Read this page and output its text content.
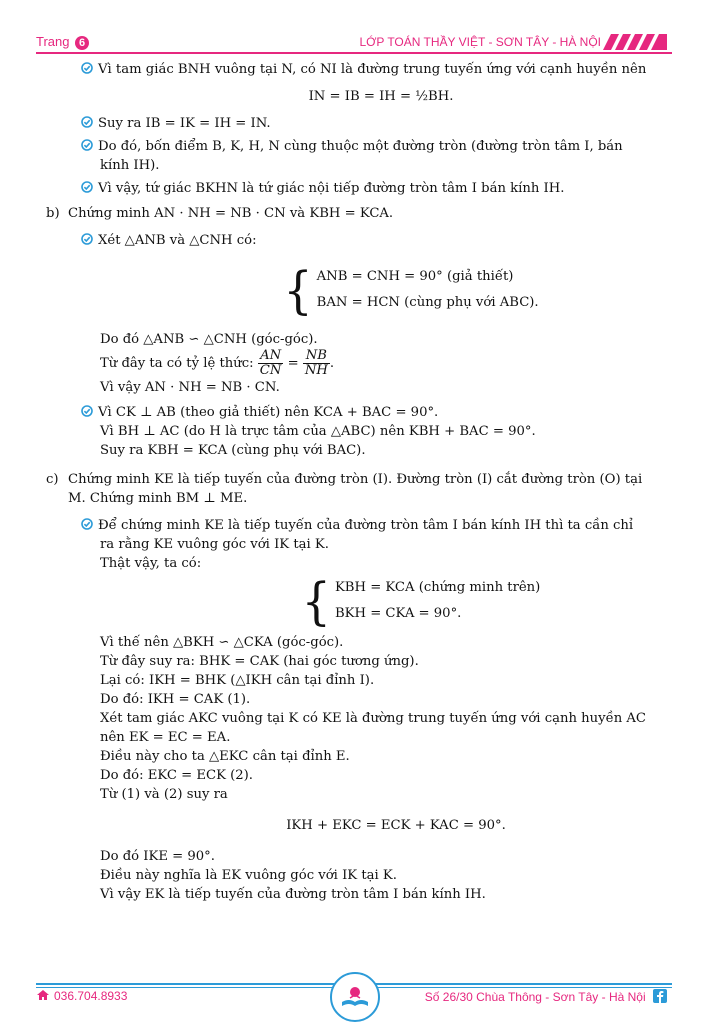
Trang 6	LỚP TOÁN THẦY VIỆT - SƠN TÂY - HÀ NỘI
Vì tam giác BNH vuông tại N, có NI là đường trung tuyến ứng với cạnh huyền nên
IN = IB = IH = ½BH.
Suy ra IB = IK = IH = IN.
Do đó, bốn điểm B, K, H, N cùng thuộc một đường tròn (đường tròn tâm I, bán
kính IH).
Vì vậy, tứ giác BKHN là tứ giác nội tiếp đường tròn tâm I bán kính IH.
b) Chứng minh AN · NH = NB · CN và KBH = KCA.
Xét △ANB và △CNH có:
{ ANB = CNH = 90° (giả thiết)
BAN = HCN (cùng phụ với ABC).
Do đó △ANB ∽ △CNH (góc-góc).
Từ đây ta có tỷ lệ thức: $\frac{AN}{CN} = \frac{NB}{NH}$ .
Vì vậy AN · NH = NB · CN.
Vì CK ⊥ AB (theo giả thiết) nên KCA + BAC = 90°.
Vì BH ⊥ AC (do H là trực tâm của △ABC) nên KBH + BAC = 90°.
Suy ra KBH = KCA (cùng phụ với BAC).
c) Chứng minh KE là tiếp tuyến của đường tròn (I). Đường tròn (I) cắt đường tròn (O) tại
M. Chứng minh BM ⊥ ME.
Để chứng minh KE là tiếp tuyến của đường tròn tâm I bán kính IH thì ta cần chỉ
ra rằng KE vuông góc với IK tại K.
Thật vậy, ta có:
{ KBH = KCA (chứng minh trên)
BKH = CKA = 90°.
Vì thế nên △BKH ∽ △CKA (góc-góc).
Từ đây suy ra: BHK = CAK (hai góc tương ứng).
Lại có: IKH = BHK (△IKH cân tại đỉnh I).
Do đó: IKH = CAK (1).
Xét tam giác AKC vuông tại K có KE là đường trung tuyến ứng với cạnh huyền AC
nên EK = EC = EA.
Điều này cho ta △EKC cân tại đỉnh E.
Do đó: EKC = ECK (2).
Từ (1) và (2) suy ra
IKH + EKC = ECK + KAC = 90°.
Do đó IKE = 90°.
Điều này nghĩa là EK vuông góc với IK tại K.
Vì vậy EK là tiếp tuyến của đường tròn tâm I bán kính IH.
036.704.8933	Số 26/30 Chùa Thông - Sơn Tây - Hà Nội
